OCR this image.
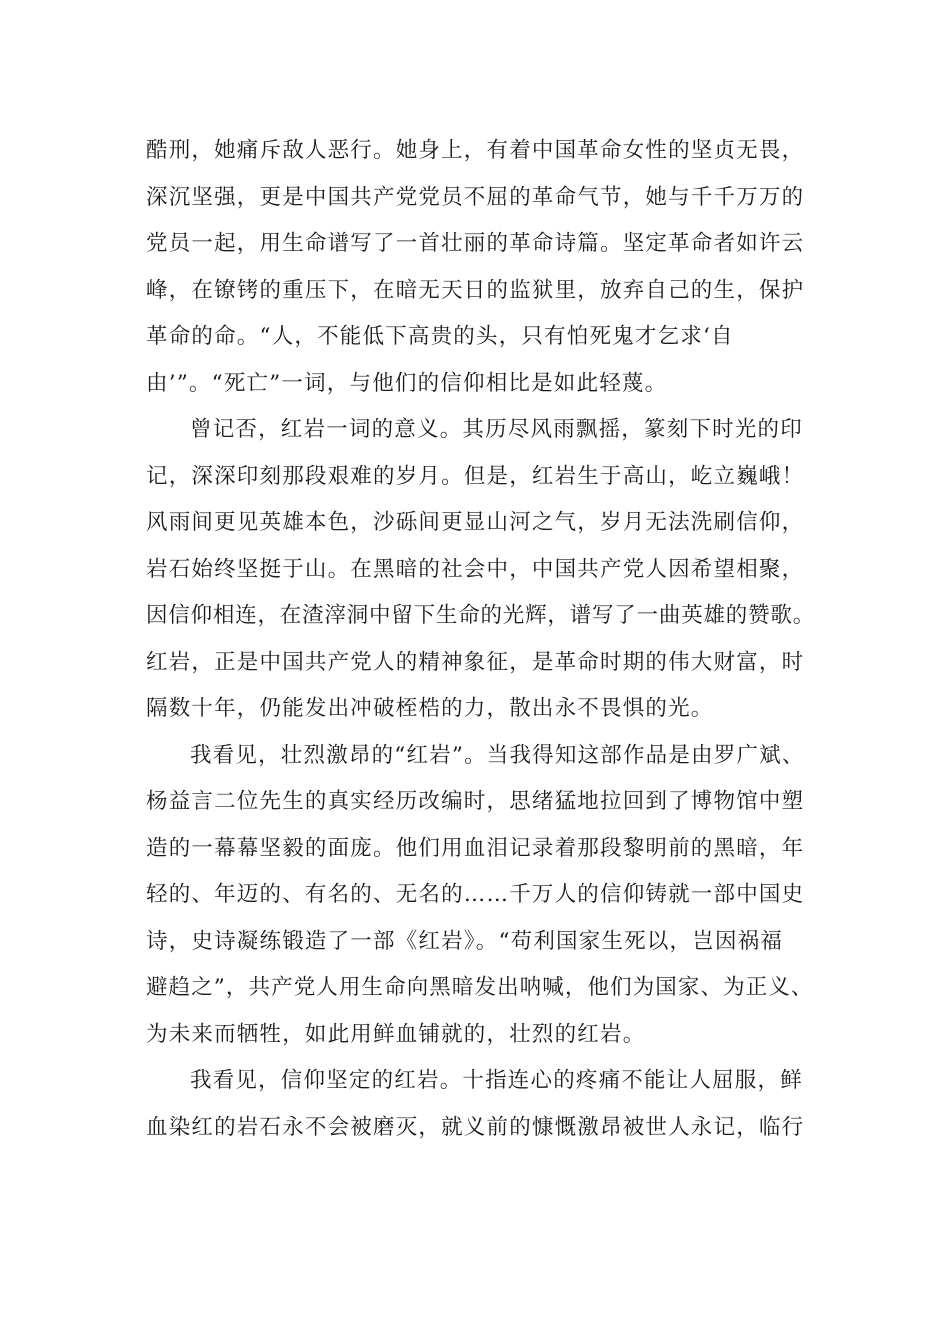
酷刑，她痛斥敌人恶行。她身上，有着中国革命女性的坚贞无畏，
深沉坚强，更是中国共产党党员不屈的革命气节，她与千千万万的
党员一起，用生命谱写了一首壮丽的革命诗篇。坚定革命者如许云
峰，在镣铐的重压下，在暗无天日的监狱里，放弃自己的生，保护
革命的命。“人，不能低下高贵的头，只有怕死鬼才乞求‘自
由’”。“死亡”一词，与他们的信仰相比是如此轻蔑。
曾记否，红岩一词的意义。其历尽风雨飘摇，篆刻下时光的印
记，深深印刻那段艰难的岁月。但是，红岩生于高山，屹立巍峨！
风雨间更见英雄本色，沙砾间更显山河之气，岁月无法洗刷信仰，
岩石始终坚挺于山。在黑暗的社会中，中国共产党人因希望相聚，
因信仰相连，在渣滓洞中留下生命的光辉，谱写了一曲英雄的赞歌。
红岩，正是中国共产党人的精神象征，是革命时期的伟大财富，时
隔数十年，仍能发出冲破桎梏的力，散出永不畏惧的光。
我看见，壮烈激昂的“红岩”。当我得知这部作品是由罗广斌、
杨益言二位先生的真实经历改编时，思绪猛地拉回到了博物馆中塑
造的一幕幕坚毅的面庞。他们用血泪记录着那段黎明前的黑暗，年
轻的、年迈的、有名的、无名的……千万人的信仰铸就一部中国史
诗，史诗凝练锻造了一部《红岩》。“苟利国家生死以，岂因祸福
避趋之”，共产党人用生命向黑暗发出呐喊，他们为国家、为正义、
为未来而牺牲，如此用鲜血铺就的，壮烈的红岩。
我看见，信仰坚定的红岩。十指连心的疼痛不能让人屈服，鲜
血染红的岩石永不会被磨灭，就义前的慷慨激昂被世人永记，临行
